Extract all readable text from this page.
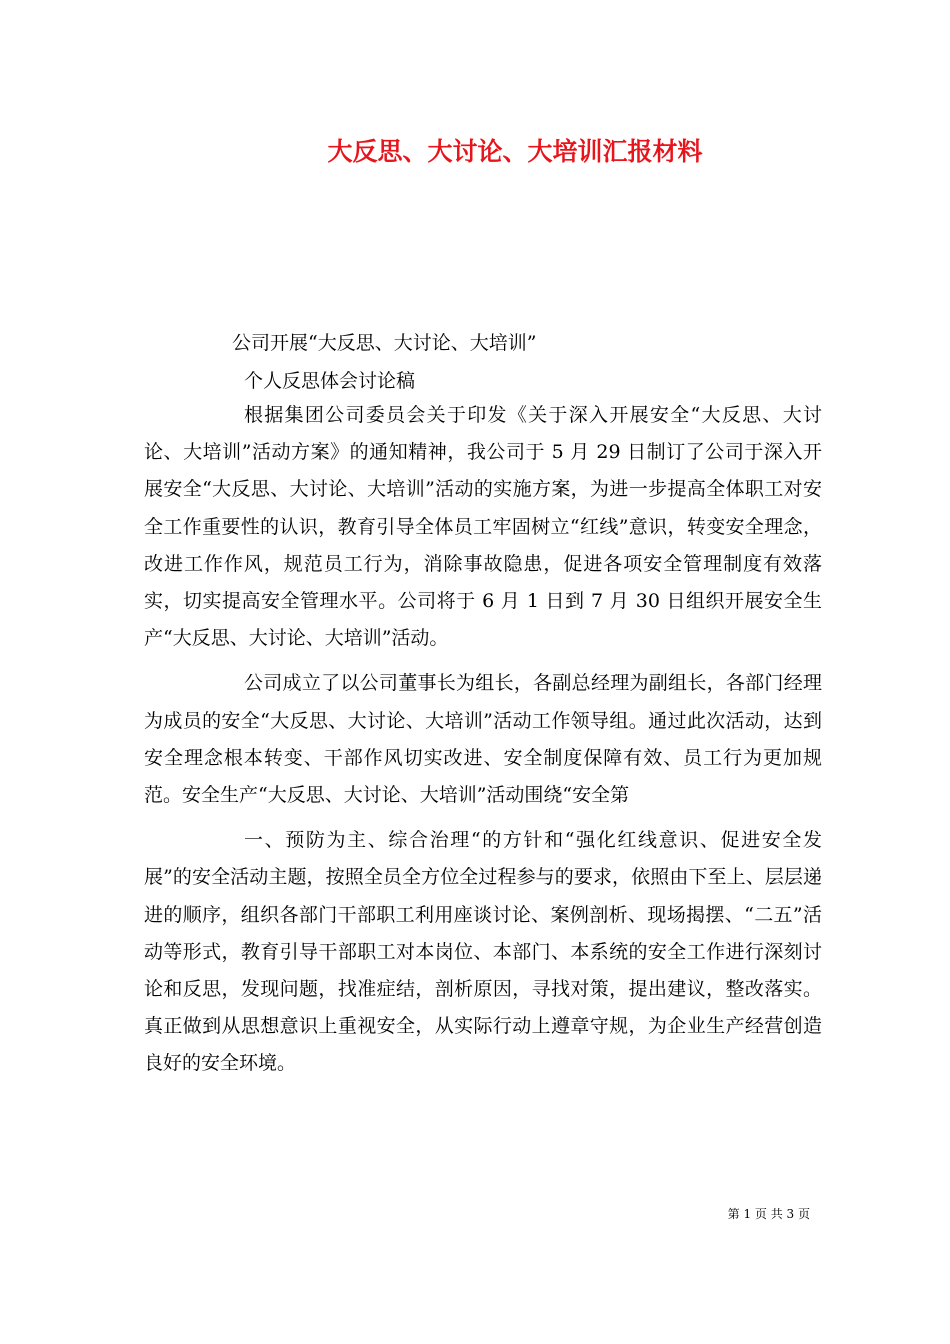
大反思、大讨论、大培训汇报材料
公司开展“大反思、大讨论、大培训”
个人反思体会讨论稿

根据集团公司委员会关于印发《关于深入开展安全“大反思、大讨论、大培训”活动方案》的通知精神，我公司于 5 月 29 日制订了公司于深入开展安全“大反思、大讨论、大培训”活动的实施方案，为进一步提高全体职工对安全工作重要性的认识，教育引导全体员工牢固树立“红线”意识，转变安全理念，改进工作作风，规范员工行为，消除事故隐患，促进各项安全管理制度有效落实，切实提高安全管理水平。公司将于 6 月 1 日到 7 月 30 日组织开展安全生产“大反思、大讨论、大培训”活动。

公司成立了以公司董事长为组长，各副总经理为副组长，各部门经理为成员的安全“大反思、大讨论、大培训”活动工作领导组。通过此次活动，达到安全理念根本转变、干部作风切实改进、安全制度保障有效、员工行为更加规范。安全生产“大反思、大讨论、大培训”活动围绕“安全第

一、预防为主、综合治理“的方针和“强化红线意识、促进安全发展”的安全活动主题，按照全员全方位全过程参与的要求，依照由下至上、层层递进的顺序，组织各部门干部职工利用座谈讨论、案例剖析、现场揭摆、“二五”活动等形式，教育引导干部职工对本岗位、本部门、本系统的安全工作进行深刻讨论和反思，发现问题，找准症结，剖析原因，寻找对策，提出建议，整改落实。真正做到从思想意识上重视安全，从实际行动上遵章守规，为企业生产经营创造良好的安全环境。

第 1 页 共 3 页
